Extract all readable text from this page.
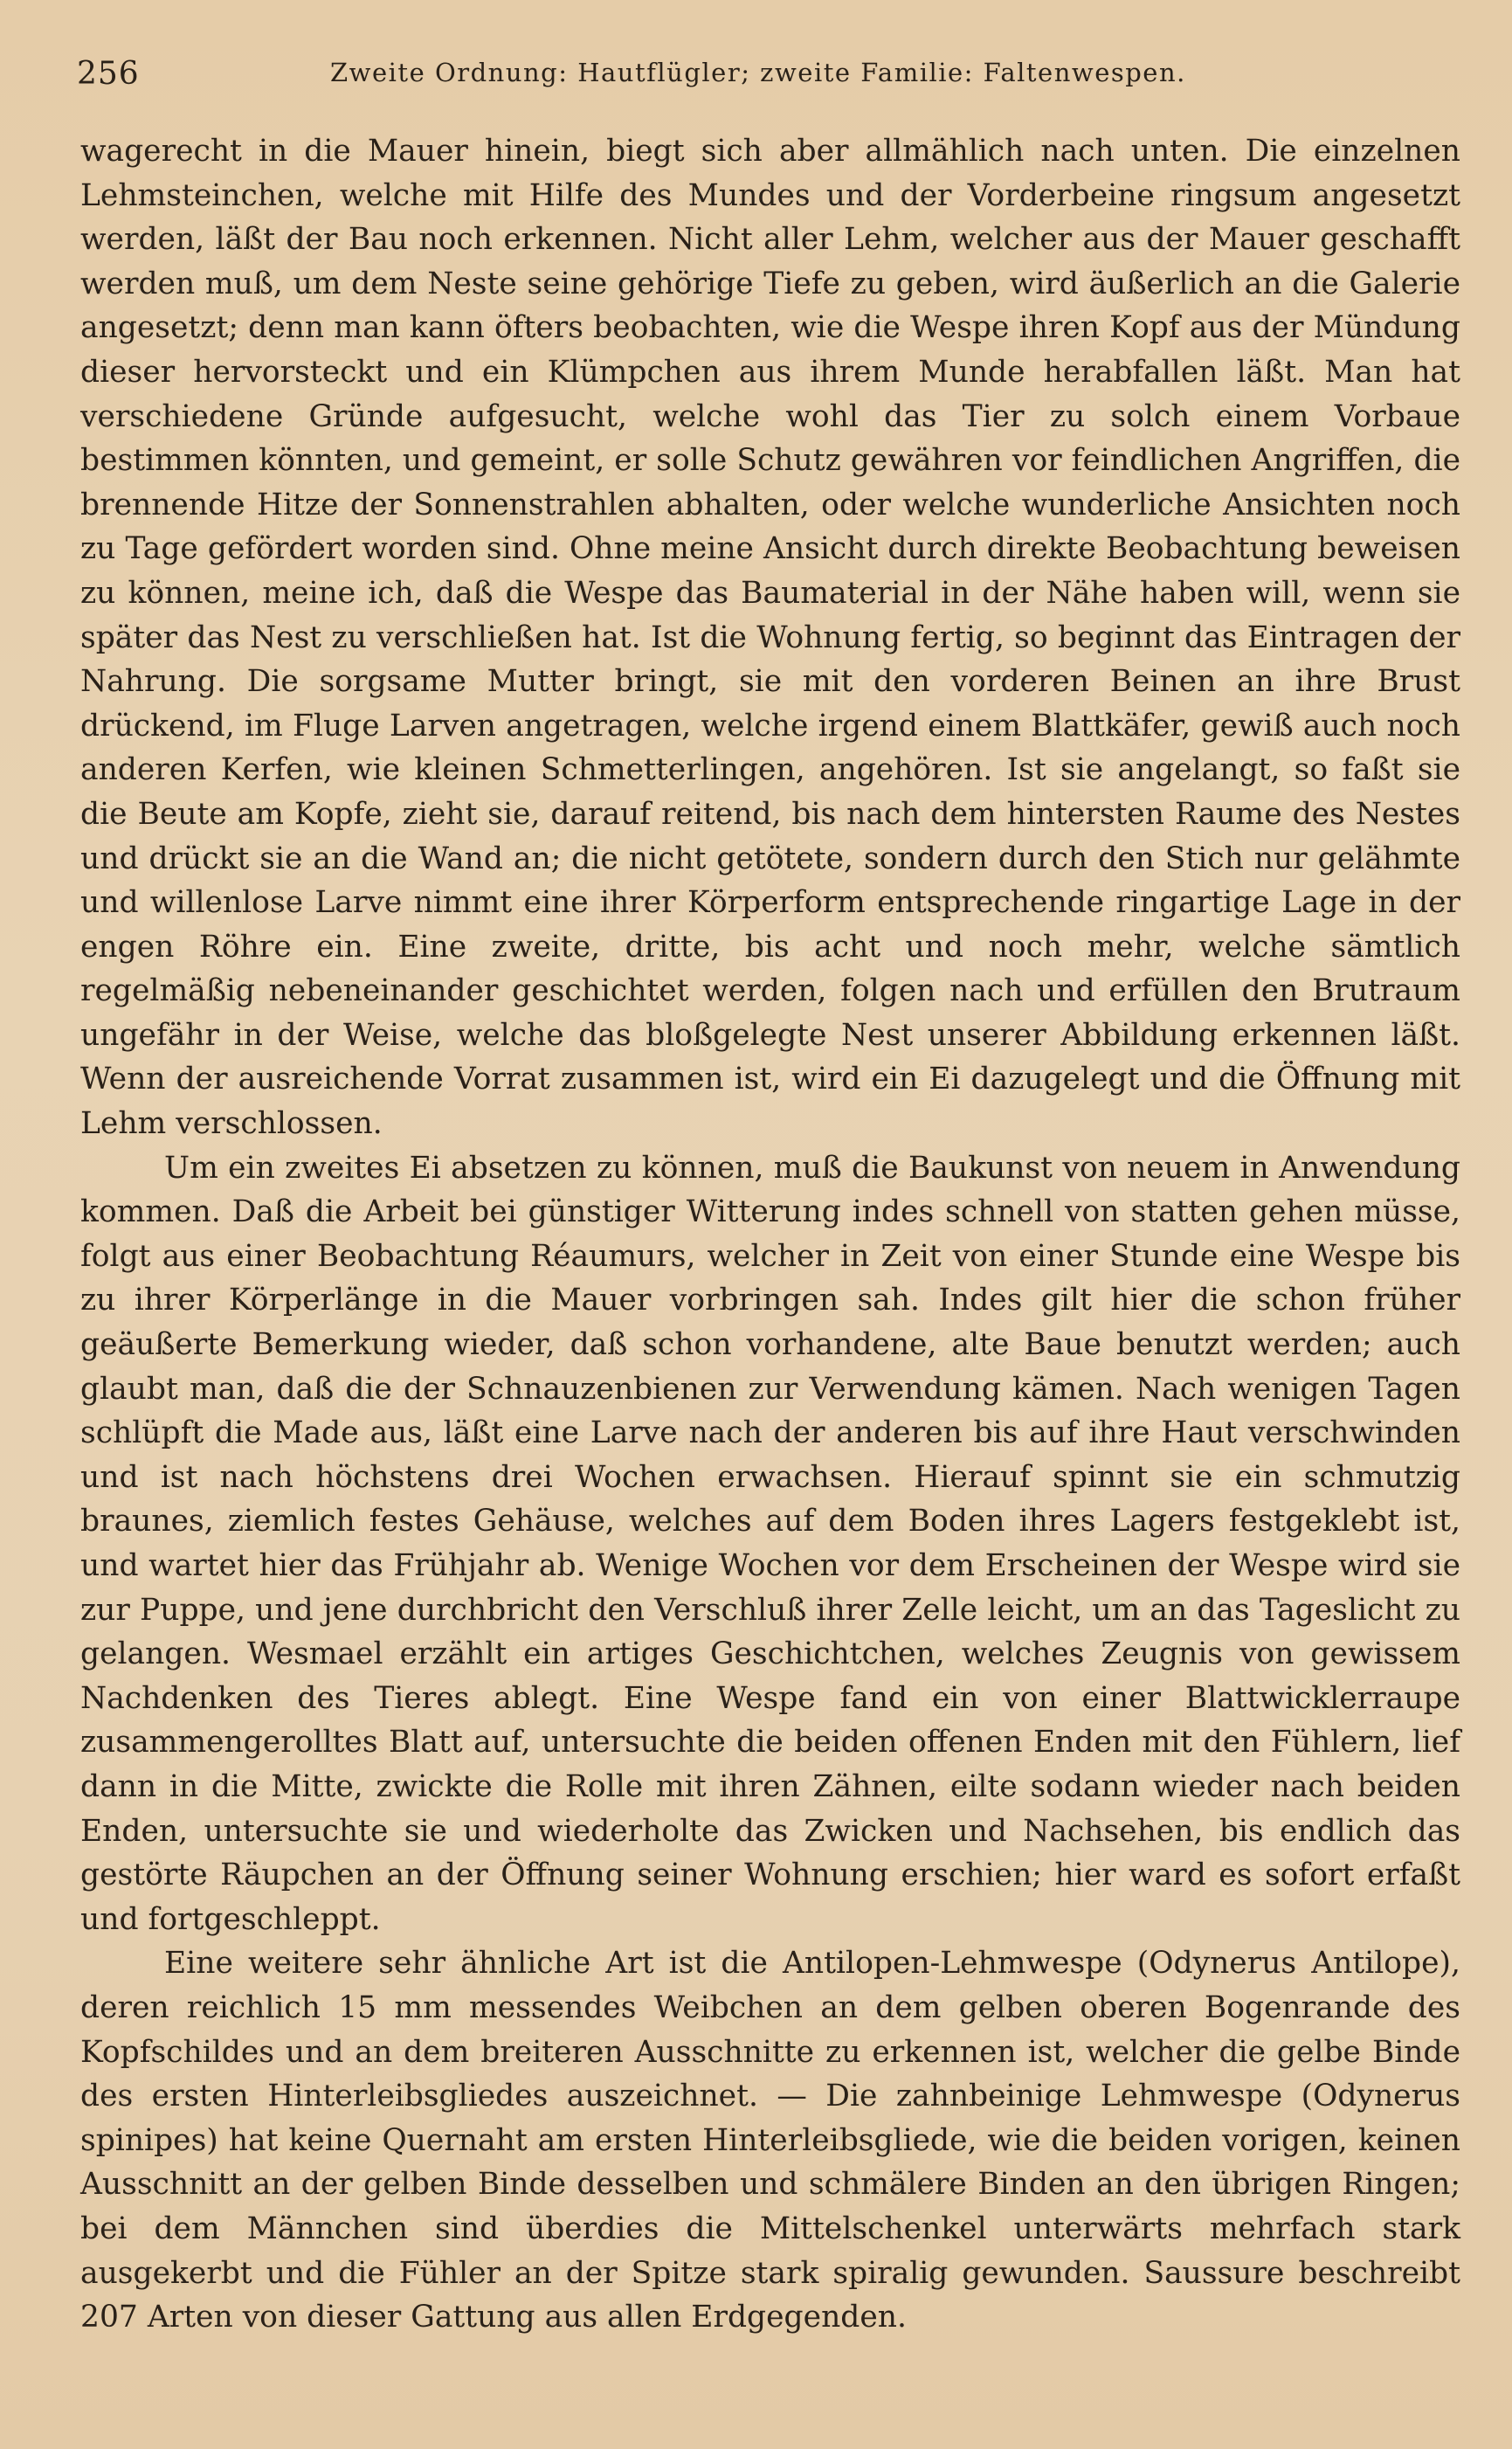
256	Zweite Ordnung: Hautflügler; zweite Familie: Faltenwespen.

wagerecht in die Mauer hinein, biegt sich aber allmählich nach unten. Die einzelnen Lehmsteinchen, welche mit Hilfe des Mundes und der Vorderbeine ringsum angesetzt werden, läßt der Bau noch erkennen. Nicht aller Lehm, welcher aus der Mauer geschafft werden muß, um dem Neste seine gehörige Tiefe zu geben, wird äußerlich an die Galerie angesetzt; denn man kann öfters beobachten, wie die Wespe ihren Kopf aus der Mündung dieser hervorsteckt und ein Klümpchen aus ihrem Munde herabfallen läßt. Man hat verschiedene Gründe aufgesucht, welche wohl das Tier zu solch einem Vorbaue bestimmen könnten, und gemeint, er solle Schutz gewähren vor feindlichen Angriffen, die brennende Hitze der Sonnenstrahlen abhalten, oder welche wunderliche Ansichten noch zu Tage gefördert worden sind. Ohne meine Ansicht durch direkte Beobachtung beweisen zu können, meine ich, daß die Wespe das Baumaterial in der Nähe haben will, wenn sie später das Nest zu verschließen hat. Ist die Wohnung fertig, so beginnt das Eintragen der Nahrung. Die sorgsame Mutter bringt, sie mit den vorderen Beinen an ihre Brust drückend, im Fluge Larven angetragen, welche irgend einem Blattkäfer, gewiß auch noch anderen Kerfen, wie kleinen Schmetterlingen, angehören. Ist sie angelangt, so faßt sie die Beute am Kopfe, zieht sie, darauf reitend, bis nach dem hintersten Raume des Nestes und drückt sie an die Wand an; die nicht getötete, sondern durch den Stich nur gelähmte und willenlose Larve nimmt eine ihrer Körperform entsprechende ringartige Lage in der engen Röhre ein. Eine zweite, dritte, bis acht und noch mehr, welche sämtlich regelmäßig nebeneinander geschichtet werden, folgen nach und erfüllen den Brutraum ungefähr in der Weise, welche das bloßgelegte Nest unserer Abbildung erkennen läßt. Wenn der ausreichende Vorrat zusammen ist, wird ein Ei dazugelegt und die Öffnung mit Lehm verschlossen.

Um ein zweites Ei absetzen zu können, muß die Baukunst von neuem in Anwendung kommen. Daß die Arbeit bei günstiger Witterung indes schnell von statten gehen müsse, folgt aus einer Beobachtung Réaumurs, welcher in Zeit von einer Stunde eine Wespe bis zu ihrer Körperlänge in die Mauer vorbringen sah. Indes gilt hier die schon früher geäußerte Bemerkung wieder, daß schon vorhandene, alte Baue benutzt werden; auch glaubt man, daß die der Schnauzenbienen zur Verwendung kämen. Nach wenigen Tagen schlüpft die Made aus, läßt eine Larve nach der anderen bis auf ihre Haut verschwinden und ist nach höchstens drei Wochen erwachsen. Hierauf spinnt sie ein schmutzig braunes, ziemlich festes Gehäuse, welches auf dem Boden ihres Lagers festgeklebt ist, und wartet hier das Frühjahr ab. Wenige Wochen vor dem Erscheinen der Wespe wird sie zur Puppe, und jene durchbricht den Verschluß ihrer Zelle leicht, um an das Tageslicht zu gelangen. Wesmael erzählt ein artiges Geschichtchen, welches Zeugnis von gewissem Nachdenken des Tieres ablegt. Eine Wespe fand ein von einer Blattwicklerraupe zusammengerolltes Blatt auf, untersuchte die beiden offenen Enden mit den Fühlern, lief dann in die Mitte, zwickte die Rolle mit ihren Zähnen, eilte sodann wieder nach beiden Enden, untersuchte sie und wiederholte das Zwicken und Nachsehen, bis endlich das gestörte Räupchen an der Öffnung seiner Wohnung erschien; hier ward es sofort erfaßt und fortgeschleppt.

Eine weitere sehr ähnliche Art ist die Antilopen-Lehmwespe (Odynerus Antilope), deren reichlich 15 mm messendes Weibchen an dem gelben oberen Bogenrande des Kopfschildes und an dem breiteren Ausschnitte zu erkennen ist, welcher die gelbe Binde des ersten Hinterleibsgliedes auszeichnet. — Die zahnbeinige Lehmwespe (Odynerus spinipes) hat keine Quernaht am ersten Hinterleibsgliede, wie die beiden vorigen, keinen Ausschnitt an der gelben Binde desselben und schmälere Binden an den übrigen Ringen; bei dem Männchen sind überdies die Mittelschenkel unterwärts mehrfach stark ausgekerbt und die Fühler an der Spitze stark spiralig gewunden. Saussure beschreibt 207 Arten von dieser Gattung aus allen Erdgegenden.
